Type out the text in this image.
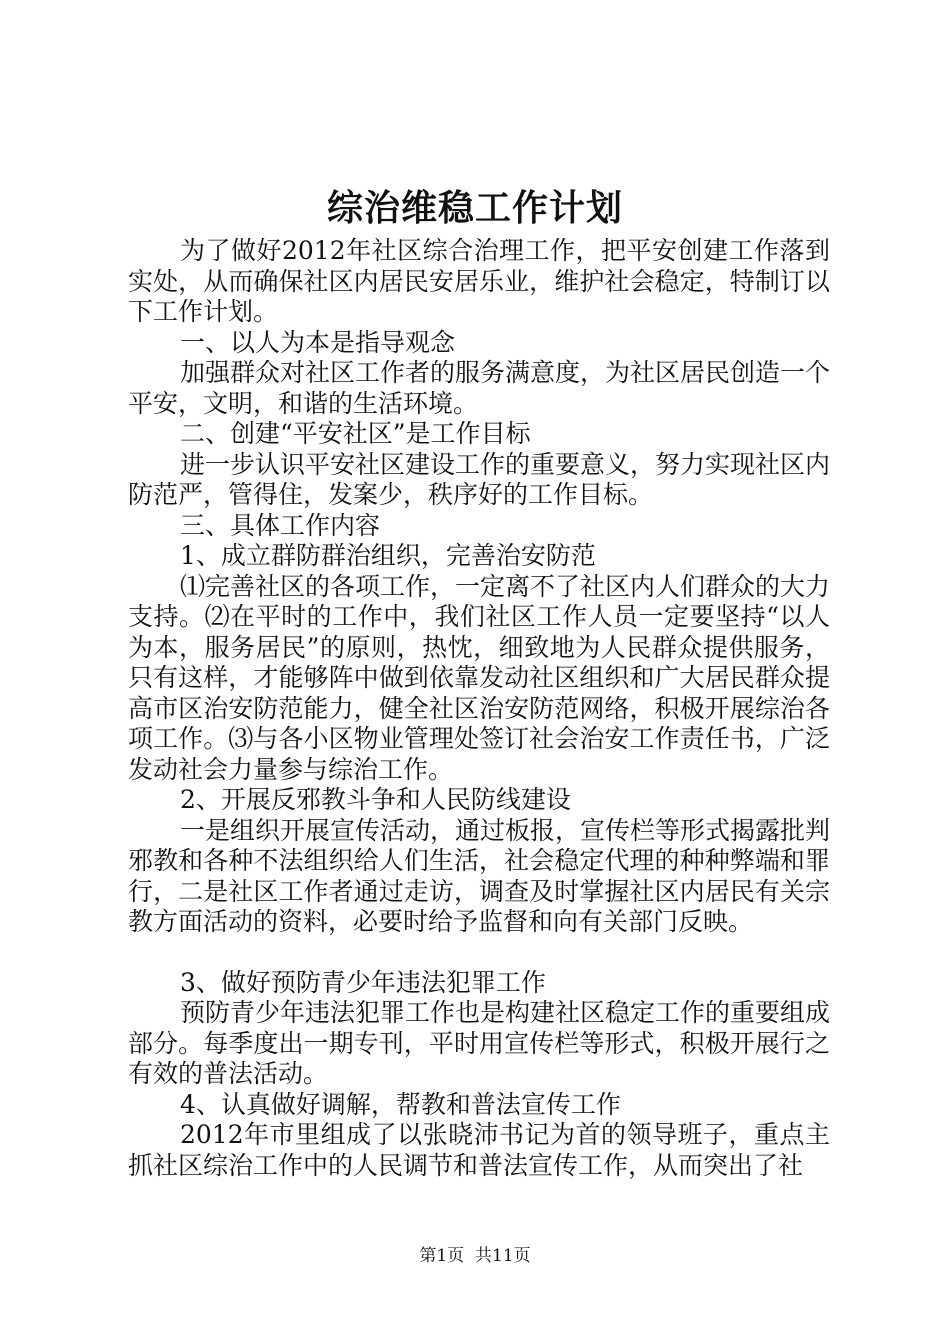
综治维稳工作计划

为了做好2012年社区综合治理工作，把平安创建工作落到实处，从而确保社区内居民安居乐业，维护社会稳定，特制订以下工作计划。

一、以人为本是指导观念

加强群众对社区工作者的服务满意度，为社区居民创造一个平安，文明，和谐的生活环境。

二、创建“平安社区”是工作目标

进一步认识平安社区建设工作的重要意义，努力实现社区内防范严，管得住，发案少，秩序好的工作目标。

三、具体工作内容

1、成立群防群治组织，完善治安防范

⑴完善社区的各项工作，一定离不了社区内人们群众的大力支持。⑵在平时的工作中，我们社区工作人员一定要坚持“以人为本，服务居民”的原则，热忱，细致地为人民群众提供服务，只有这样，才能够阵中做到依靠发动社区组织和广大居民群众提高市区治安防范能力，健全社区治安防范网络，积极开展综治各项工作。⑶与各小区物业管理处签订社会治安工作责任书，广泛发动社会力量参与综治工作。

2、开展反邪教斗争和人民防线建设

一是组织开展宣传活动，通过板报，宣传栏等形式揭露批判邪教和各种不法组织给人们生活，社会稳定代理的种种弊端和罪行，二是社区工作者通过走访，调查及时掌握社区内居民有关宗教方面活动的资料，必要时给予监督和向有关部门反映。

3、做好预防青少年违法犯罪工作

预防青少年违法犯罪工作也是构建社区稳定工作的重要组成部分。每季度出一期专刊，平时用宣传栏等形式，积极开展行之有效的普法活动。

4、认真做好调解，帮教和普法宣传工作

2012年市里组成了以张晓沛书记为首的领导班子，重点主抓社区综治工作中的人民调节和普法宣传工作，从而突出了社

第1页 共11页
